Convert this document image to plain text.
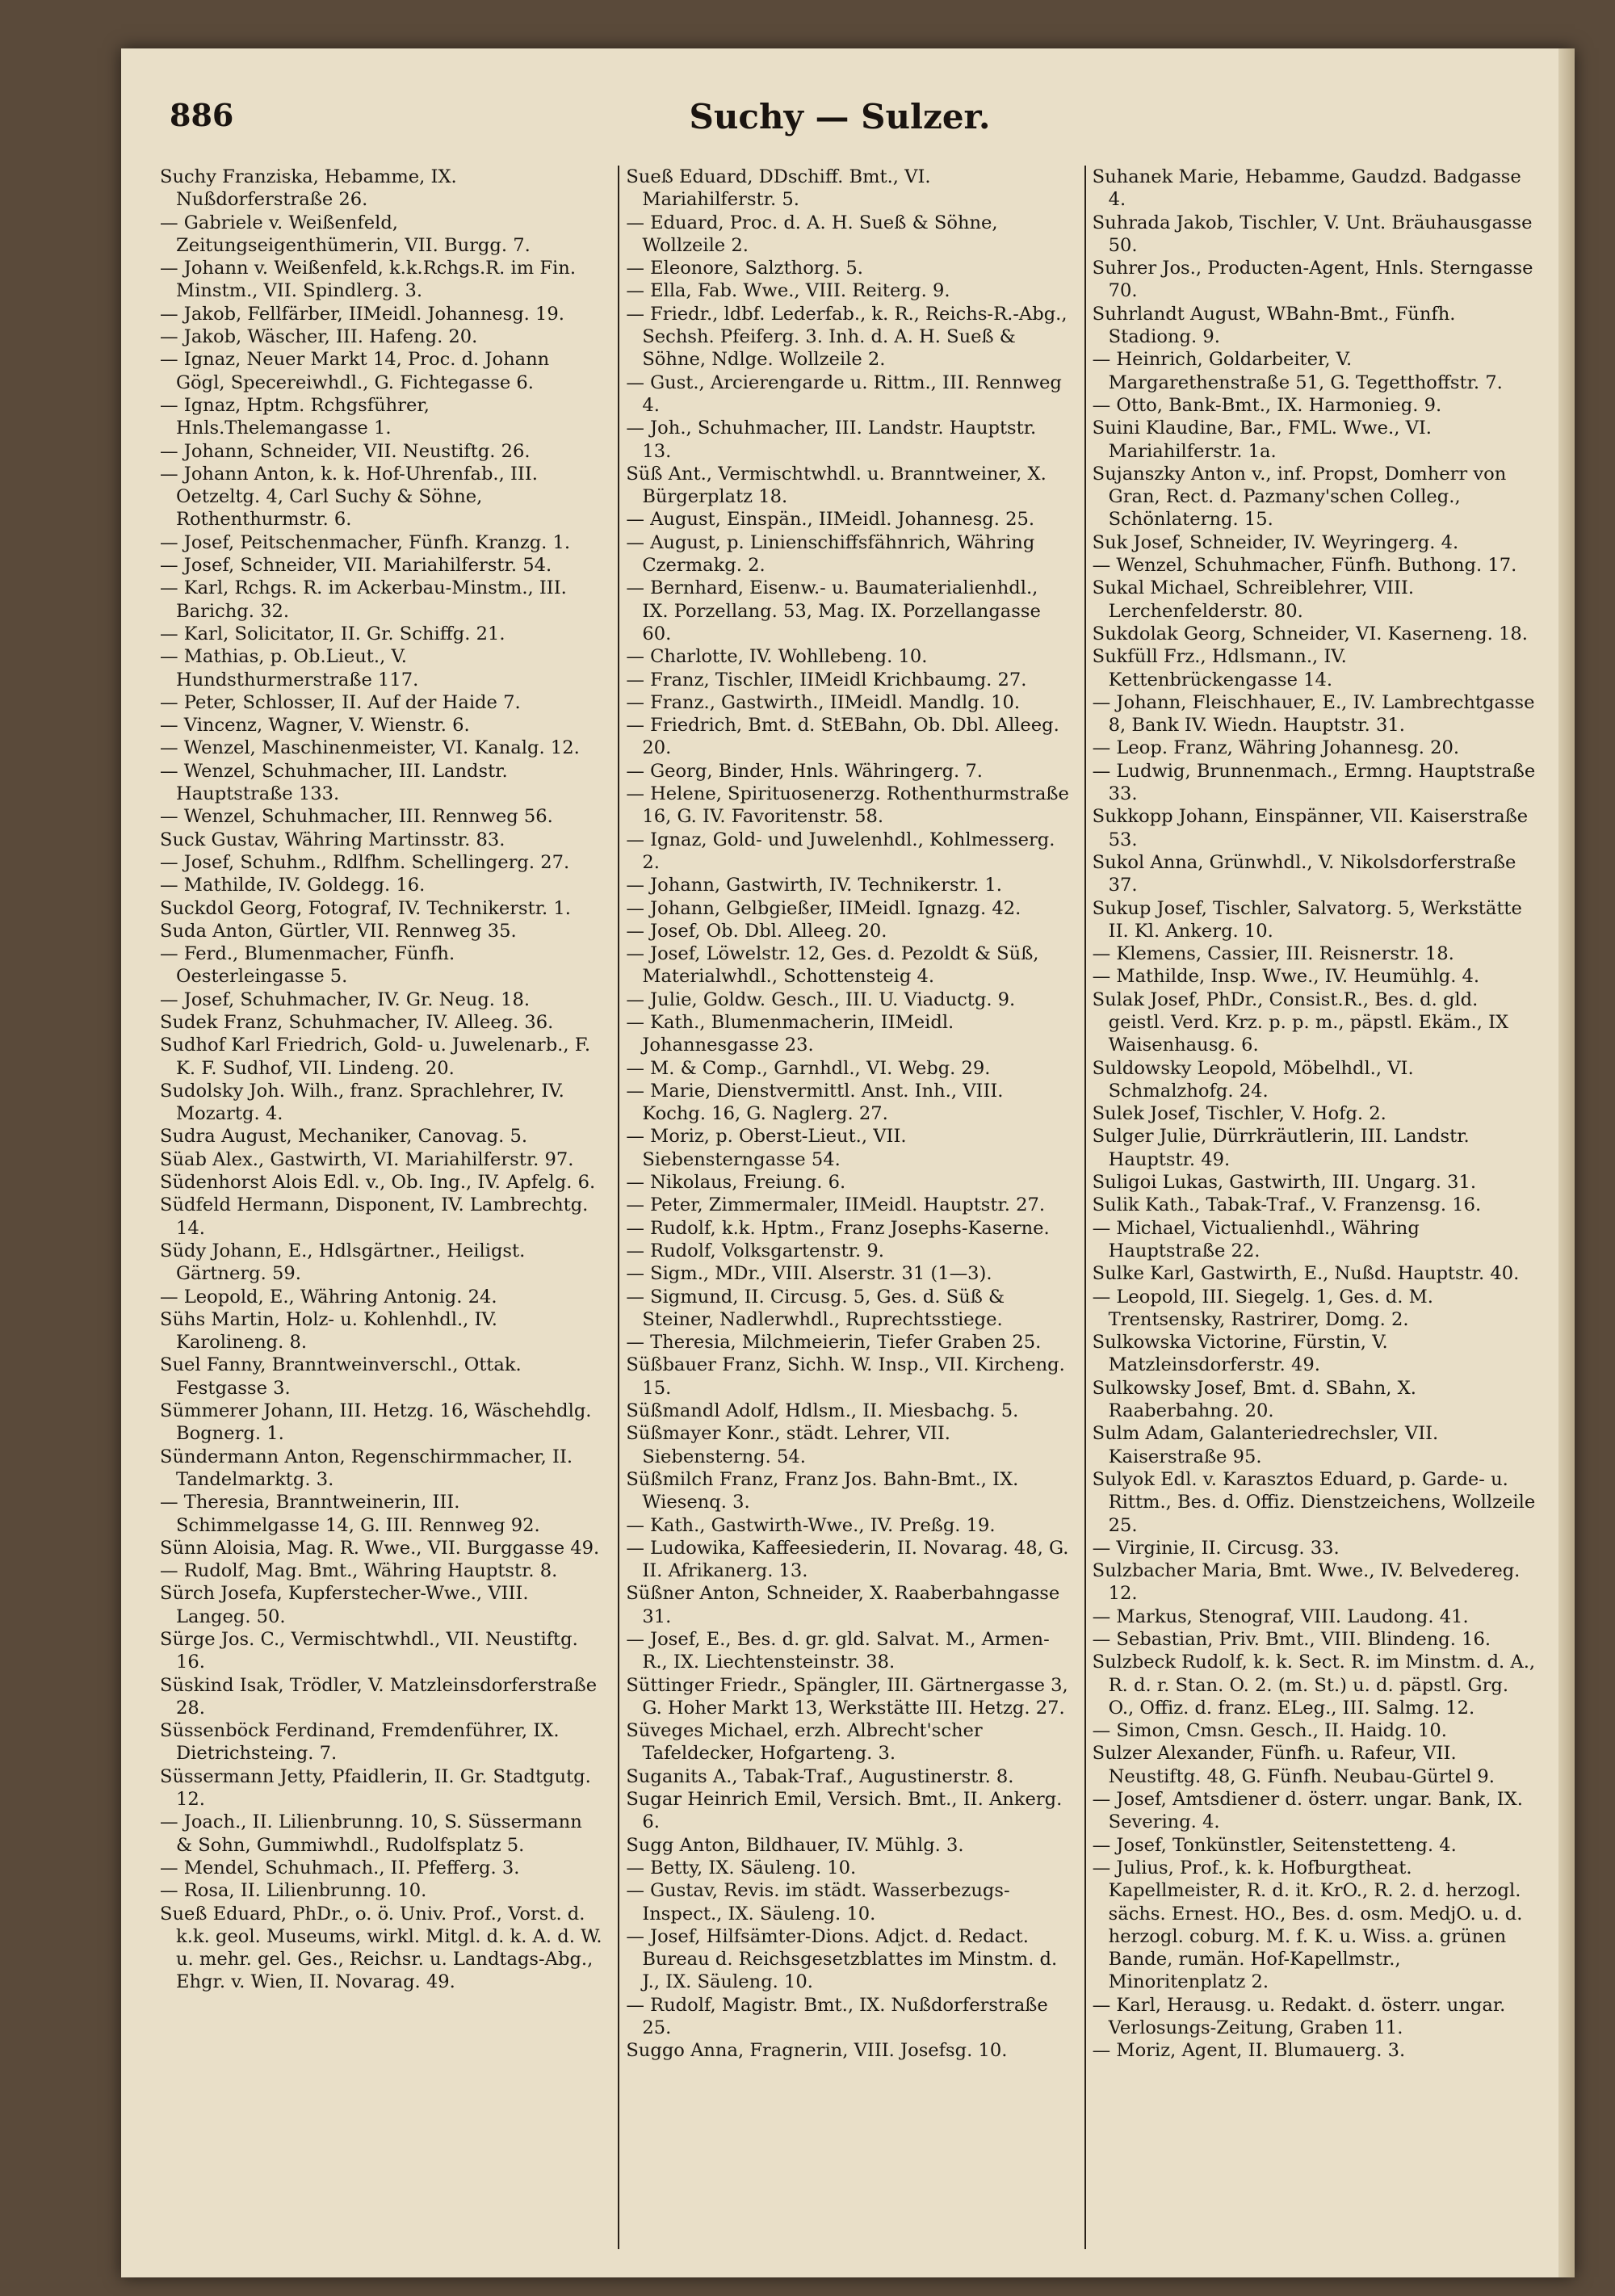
886	Suchy — Sulzer.

Suchy Franziska, Hebamme, IX. Nußdorferstraße 26.

— Gabriele v. Weißenfeld, Zeitungseigenthümerin, VII. Burgg. 7.

— Johann v. Weißenfeld, k.k.Rchgs.R. im Fin. Minstm., VII. Spindlerg. 3.

— Jakob, Fellfärber, IIMeidl. Johannesg. 19.

— Jakob, Wäscher, III. Hafeng. 20.

— Ignaz, Neuer Markt 14, Proc. d. Johann Gögl, Specereiwhdl., G. Fichtegasse 6.

— Ignaz, Hptm. Rchgsführer, Hnls.Thelemangasse 1.

— Johann, Schneider, VII. Neustiftg. 26.

— Johann Anton, k. k. Hof-Uhrenfab., III. Oetzeltg. 4, Carl Suchy & Söhne, Rothenthurmstr. 6.

— Josef, Peitschenmacher, Fünfh. Kranzg. 1.

— Josef, Schneider, VII. Mariahilferstr. 54.

— Karl, Rchgs. R. im Ackerbau-Minstm., III. Barichg. 32.

— Karl, Solicitator, II. Gr. Schiffg. 21.

— Mathias, p. Ob.Lieut., V. Hundsthurmerstraße 117.

— Peter, Schlosser, II. Auf der Haide 7.

— Vincenz, Wagner, V. Wienstr. 6.

— Wenzel, Maschinenmeister, VI. Kanalg. 12.

— Wenzel, Schuhmacher, III. Landstr. Hauptstraße 133.

— Wenzel, Schuhmacher, III. Rennweg 56.

Suck Gustav, Währing Martinsstr. 83.

— Josef, Schuhm., Rdlfhm. Schellingerg. 27.

— Mathilde, IV. Goldegg. 16.

Suckdol Georg, Fotograf, IV. Technikerstr. 1.

Suda Anton, Gürtler, VII. Rennweg 35.

— Ferd., Blumenmacher, Fünfh. Oesterleingasse 5.

— Josef, Schuhmacher, IV. Gr. Neug. 18.

Sudek Franz, Schuhmacher, IV. Alleeg. 36.

Sudhof Karl Friedrich, Gold- u. Juwelenarb., F. K. F. Sudhof, VII. Lindeng. 20.

Sudolsky Joh. Wilh., franz. Sprachlehrer, IV. Mozartg. 4.

Sudra August, Mechaniker, Canovag. 5.

Süab Alex., Gastwirth, VI. Mariahilferstr. 97.

Südenhorst Alois Edl. v., Ob. Ing., IV. Apfelg. 6.

Südfeld Hermann, Disponent, IV. Lambrechtg. 14.

Südy Johann, E., Hdlsgärtner., Heiligst. Gärtnerg. 59.

— Leopold, E., Währing Antonig. 24.

Sühs Martin, Holz- u. Kohlenhdl., IV. Karolineng. 8.

Suel Fanny, Branntweinverschl., Ottak. Festgasse 3.

Sümmerer Johann, III. Hetzg. 16, Wäschehdlg. Bognerg. 1.

Sündermann Anton, Regenschirmmacher, II. Tandelmarktg. 3.

— Theresia, Branntweinerin, III. Schimmelgasse 14, G. III. Rennweg 92.

Sünn Aloisia, Mag. R. Wwe., VII. Burggasse 49.

— Rudolf, Mag. Bmt., Währing Hauptstr. 8.

Sürch Josefa, Kupferstecher-Wwe., VIII. Langeg. 50.

Sürge Jos. C., Vermischtwhdl., VII. Neustiftg. 16.

Süskind Isak, Trödler, V. Matzleinsdorferstraße 28.

Süssenböck Ferdinand, Fremdenführer, IX. Dietrichsteing. 7.

Süssermann Jetty, Pfaidlerin, II. Gr. Stadtgutg. 12.

— Joach., II. Lilienbrunng. 10, S. Süssermann & Sohn, Gummiwhdl., Rudolfsplatz 5.

— Mendel, Schuhmach., II. Pfefferg. 3.

— Rosa, II. Lilienbrunng. 10.

Sueß Eduard, PhDr., o. ö. Univ. Prof., Vorst. d. k.k. geol. Museums, wirkl. Mitgl. d. k. A. d. W. u. mehr. gel. Ges., Reichsr. u. Landtags-Abg., Ehgr. v. Wien, II. Novarag. 49.

Sueß Eduard, DDschiff. Bmt., VI. Mariahilferstr. 5.

— Eduard, Proc. d. A. H. Sueß & Söhne, Wollzeile 2.

— Eleonore, Salzthorg. 5.

— Ella, Fab. Wwe., VIII. Reiterg. 9.

— Friedr., ldbf. Lederfab., k. R., Reichs-R.-Abg., Sechsh. Pfeiferg. 3. Inh. d. A. H. Sueß & Söhne, Ndlge. Wollzeile 2.

— Gust., Arcierengarde u. Rittm., III. Rennweg 4.

— Joh., Schuhmacher, III. Landstr. Hauptstr. 13.

Süß Ant., Vermischtwhdl. u. Branntweiner, X. Bürgerplatz 18.

— August, Einspän., IIMeidl. Johannesg. 25.

— August, p. Linienschiffsfähnrich, Währing Czermakg. 2.

— Bernhard, Eisenw.- u. Baumaterialienhdl., IX. Porzellang. 53, Mag. IX. Porzellangasse 60.

— Charlotte, IV. Wohllebeng. 10.

— Franz, Tischler, IIMeidl Krichbaumg. 27.

— Franz., Gastwirth., IIMeidl. Mandlg. 10.

— Friedrich, Bmt. d. StEBahn, Ob. Dbl. Alleeg. 20.

— Georg, Binder, Hnls. Währingerg. 7.

— Helene, Spirituosenerzg. Rothenthurmstraße 16, G. IV. Favoritenstr. 58.

— Ignaz, Gold- und Juwelenhdl., Kohlmesserg. 2.

— Johann, Gastwirth, IV. Technikerstr. 1.

— Johann, Gelbgießer, IIMeidl. Ignazg. 42.

— Josef, Ob. Dbl. Alleeg. 20.

— Josef, Löwelstr. 12, Ges. d. Pezoldt & Süß, Materialwhdl., Schottensteig 4.

— Julie, Goldw. Gesch., III. U. Viaductg. 9.

— Kath., Blumenmacherin, IIMeidl. Johannesgasse 23.

— M. & Comp., Garnhdl., VI. Webg. 29.

— Marie, Dienstvermittl. Anst. Inh., VIII. Kochg. 16, G. Naglerg. 27.

— Moriz, p. Oberst-Lieut., VII. Siebensterngasse 54.

— Nikolaus, Freiung. 6.

— Peter, Zimmermaler, IIMeidl. Hauptstr. 27.

— Rudolf, k.k. Hptm., Franz Josephs-Kaserne.

— Rudolf, Volksgartenstr. 9.

— Sigm., MDr., VIII. Alserstr. 31 (1—3).

— Sigmund, II. Circusg. 5, Ges. d. Süß & Steiner, Nadlerwhdl., Ruprechtsstiege.

— Theresia, Milchmeierin, Tiefer Graben 25.

Süßbauer Franz, Sichh. W. Insp., VII. Kircheng. 15.

Süßmandl Adolf, Hdlsm., II. Miesbachg. 5.

Süßmayer Konr., städt. Lehrer, VII. Siebensterng. 54.

Süßmilch Franz, Franz Jos. Bahn-Bmt., IX. Wiesenq. 3.

— Kath., Gastwirth-Wwe., IV. Preßg. 19.

— Ludowika, Kaffeesiederin, II. Novarag. 48, G. II. Afrikanerg. 13.

Süßner Anton, Schneider, X. Raaberbahngasse 31.

— Josef, E., Bes. d. gr. gld. Salvat. M., Armen-R., IX. Liechtensteinstr. 38.

Süttinger Friedr., Spängler, III. Gärtnergasse 3, G. Hoher Markt 13, Werkstätte III. Hetzg. 27.

Süveges Michael, erzh. Albrecht'scher Tafeldecker, Hofgarteng. 3.

Suganits A., Tabak-Traf., Augustinerstr. 8.

Sugar Heinrich Emil, Versich. Bmt., II. Ankerg. 6.

Sugg Anton, Bildhauer, IV. Mühlg. 3.

— Betty, IX. Säuleng. 10.

— Gustav, Revis. im städt. Wasserbezugs-Inspect., IX. Säuleng. 10.

— Josef, Hilfsämter-Dions. Adjct. d. Redact. Bureau d. Reichsgesetzblattes im Minstm. d. J., IX. Säuleng. 10.

— Rudolf, Magistr. Bmt., IX. Nußdorferstraße 25.

Suggo Anna, Fragnerin, VIII. Josefsg. 10.

Suhanek Marie, Hebamme, Gaudzd. Badgasse 4.

Suhrada Jakob, Tischler, V. Unt. Bräuhausgasse 50.

Suhrer Jos., Producten-Agent, Hnls. Sterngasse 70.

Suhrlandt August, WBahn-Bmt., Fünfh. Stadiong. 9.

— Heinrich, Goldarbeiter, V. Margarethenstraße 51, G. Tegetthoffstr. 7.

— Otto, Bank-Bmt., IX. Harmonieg. 9.

Suini Klaudine, Bar., FML. Wwe., VI. Mariahilferstr. 1a.

Sujanszky Anton v., inf. Propst, Domherr von Gran, Rect. d. Pazmany'schen Colleg., Schönlaterng. 15.

Suk Josef, Schneider, IV. Weyringerg. 4.

— Wenzel, Schuhmacher, Fünfh. Buthong. 17.

Sukal Michael, Schreiblehrer, VIII. Lerchenfelderstr. 80.

Sukdolak Georg, Schneider, VI. Kaserneng. 18.

Sukfüll Frz., Hdlsmann., IV. Kettenbrückengasse 14.

— Johann, Fleischhauer, E., IV. Lambrechtgasse 8, Bank IV. Wiedn. Hauptstr. 31.

— Leop. Franz, Währing Johannesg. 20.

— Ludwig, Brunnenmach., Ermng. Hauptstraße 33.

Sukkopp Johann, Einspänner, VII. Kaiserstraße 53.

Sukol Anna, Grünwhdl., V. Nikolsdorferstraße 37.

Sukup Josef, Tischler, Salvatorg. 5, Werkstätte II. Kl. Ankerg. 10.

— Klemens, Cassier, III. Reisnerstr. 18.

— Mathilde, Insp. Wwe., IV. Heumühlg. 4.

Sulak Josef, PhDr., Consist.R., Bes. d. gld. geistl. Verd. Krz. p. p. m., päpstl. Ekäm., IX Waisenhausg. 6.

Suldowsky Leopold, Möbelhdl., VI. Schmalzhofg. 24.

Sulek Josef, Tischler, V. Hofg. 2.

Sulger Julie, Dürrkräutlerin, III. Landstr. Hauptstr. 49.

Suligoi Lukas, Gastwirth, III. Ungarg. 31.

Sulik Kath., Tabak-Traf., V. Franzensg. 16.

— Michael, Victualienhdl., Währing Hauptstraße 22.

Sulke Karl, Gastwirth, E., Nußd. Hauptstr. 40.

— Leopold, III. Siegelg. 1, Ges. d. M. Trentsensky, Rastrirer, Domg. 2.

Sulkowska Victorine, Fürstin, V. Matzleinsdorferstr. 49.

Sulkowsky Josef, Bmt. d. SBahn, X. Raaberbahng. 20.

Sulm Adam, Galanteriedrechsler, VII. Kaiserstraße 95.

Sulyok Edl. v. Karasztos Eduard, p. Garde- u. Rittm., Bes. d. Offiz. Dienstzeichens, Wollzeile 25.

— Virginie, II. Circusg. 33.

Sulzbacher Maria, Bmt. Wwe., IV. Belvedereg. 12.

— Markus, Stenograf, VIII. Laudong. 41.

— Sebastian, Priv. Bmt., VIII. Blindeng. 16.

Sulzbeck Rudolf, k. k. Sect. R. im Minstm. d. A., R. d. r. Stan. O. 2. (m. St.) u. d. päpstl. Grg. O., Offiz. d. franz. ELeg., III. Salmg. 12.

— Simon, Cmsn. Gesch., II. Haidg. 10.

Sulzer Alexander, Fünfh. u. Rafeur, VII. Neustiftg. 48, G. Fünfh. Neubau-Gürtel 9.

— Josef, Amtsdiener d. österr. ungar. Bank, IX. Severing. 4.

— Josef, Tonkünstler, Seitenstetteng. 4.

— Julius, Prof., k. k. Hofburgtheat. Kapellmeister, R. d. it. KrO., R. 2. d. herzogl. sächs. Ernest. HO., Bes. d. osm. MedjO. u. d. herzogl. coburg. M. f. K. u. Wiss. a. grünen Bande, rumän. Hof-Kapellmstr., Minoritenplatz 2.

— Karl, Herausg. u. Redakt. d. österr. ungar. Verlosungs-Zeitung, Graben 11.

— Moriz, Agent, II. Blumauerg. 3.
